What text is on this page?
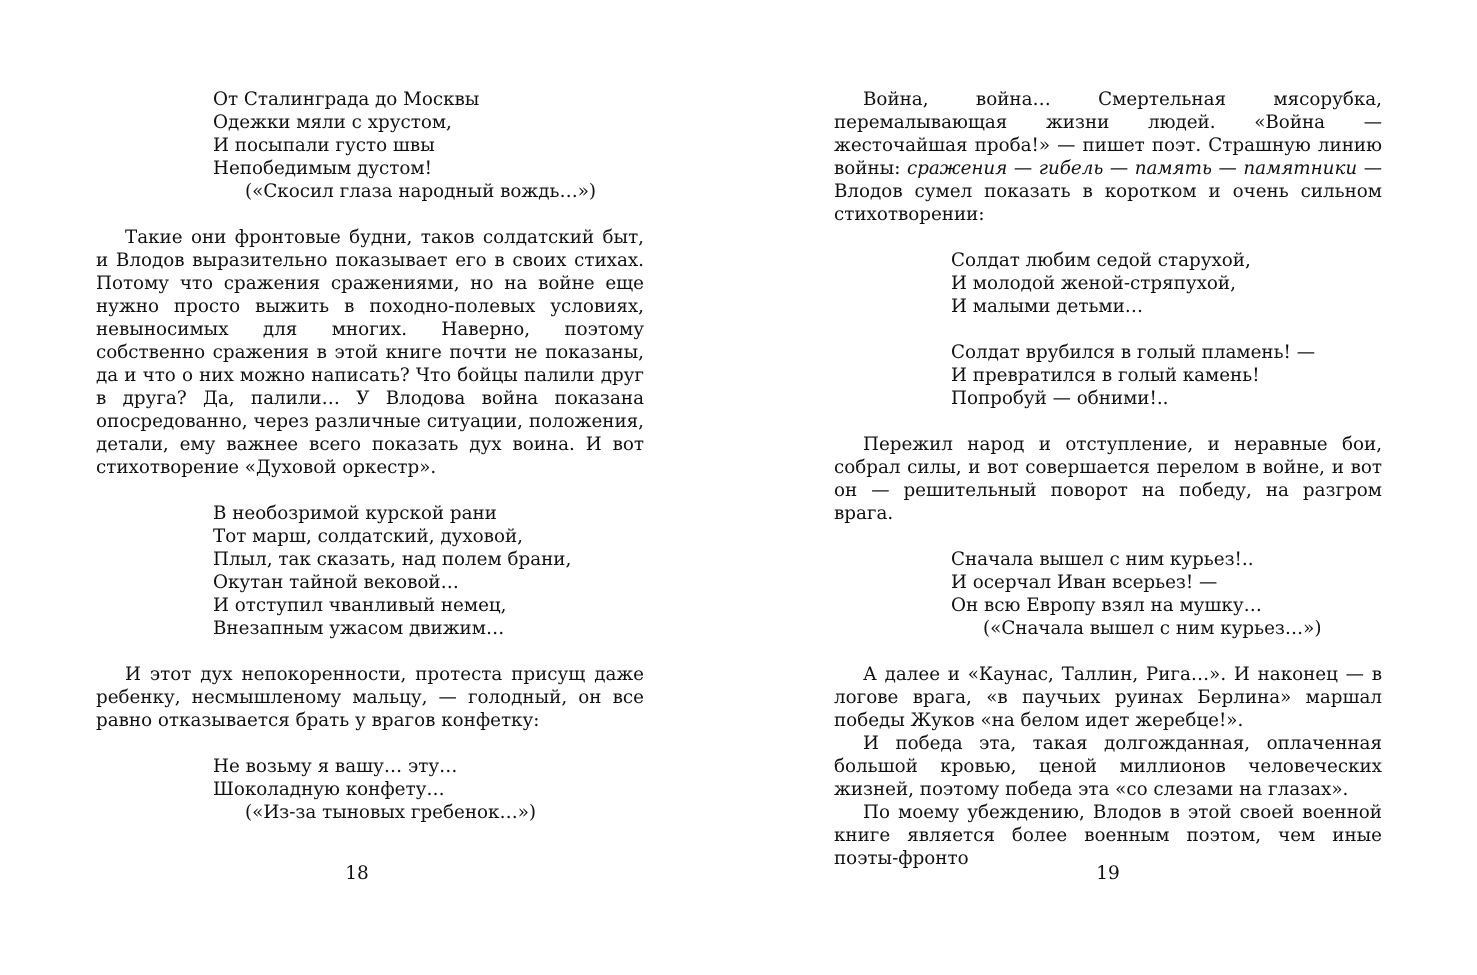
От Сталинграда до Москвы

Одежки мяли с хрустом,

И посыпали густо швы

Непобедимым дустом!

(«Скосил глаза народный вождь…»)

Такие они фронтовые будни, таков солдатский быт, и Влодов выразительно показывает его в своих стихах. Потому что сражения сражениями, но на войне еще нужно просто выжить в походно-полевых условиях, невыносимых для многих. Наверно, поэтому собственно сражения в этой книге почти не показаны, да и что о них можно написать? Что бойцы палили друг в друга? Да, палили… У Влодова война показана опосредованно, через различные ситуации, положения, детали, ему важнее всего показать дух воина. И вот стихотворение «Духовой оркестр».

В необозримой курской рани

Тот марш, солдатский, духовой,

Плыл, так сказать, над полем брани,

Окутан тайной вековой…

И отступил чванливый немец,

Внезапным ужасом движим…

И этот дух непокоренности, протеста присущ даже ребенку, несмышленому мальцу, — голодный, он все равно отказывается брать у врагов конфетку:

Не возьму я вашу… эту…

Шоколадную конфету…

(«Из-за тыновых гребенок…»)

18

Война, война… Смертельная мясорубка, перемалывающая жизни людей. «Война — жесточайшая проба!» — пишет поэт. Страшную линию войны: сражения — гибель — память — памятники — Влодов сумел показать в коротком и очень сильном стихотворении:

Солдат любим седой старухой,

И молодой женой-стряпухой,

И малыми детьми…

Солдат врубился в голый пламень! —

И превратился в голый камень!

Попробуй — обними!..

Пережил народ и отступление, и неравные бои, собрал силы, и вот совершается перелом в войне, и вот он — решительный поворот на победу, на разгром врага.

Сначала вышел с ним курьез!..

И осерчал Иван всерьез! —

Он всю Европу взял на мушку…

(«Сначала вышел с ним курьез…»)

А далее и «Каунас, Таллин, Рига…». И наконец — в логове врага, «в паучьих руинах Берлина» маршал победы Жуков «на белом идет жеребце!».

И победа эта, такая долгожданная, оплаченная большой кровью, ценой миллионов человеческих жизней, поэтому победа эта «со слезами на глазах».

По моему убеждению, Влодов в этой своей военной книге является более военным поэтом, чем иные поэты-фронто

19
